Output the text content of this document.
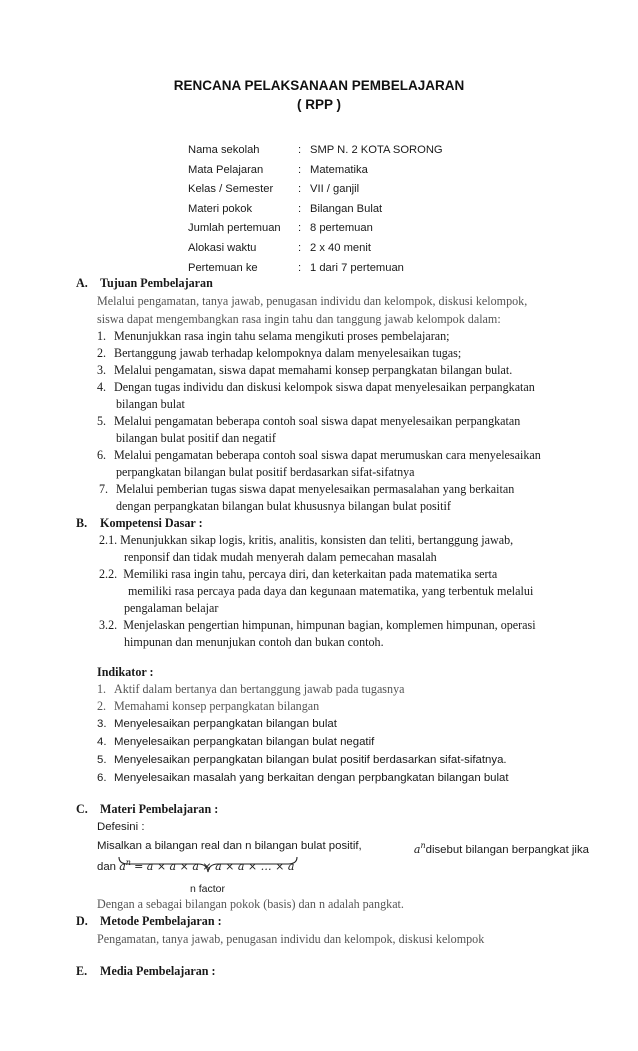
RENCANA PELAKSANAAN PEMBELAJARAN
( RPP )
Nama sekolah	: SMP N. 2 KOTA SORONG
Mata Pelajaran	: Matematika
Kelas / Semester : VII / ganjil
Materi pokok	: Bilangan Bulat
Jumlah pertemuan : 8 pertemuan
Alokasi waktu	: 2 x 40 menit
Pertemuan ke	: 1 dari 7 pertemuan
A. Tujuan Pembelajaran
Melalui pengamatan, tanya jawab, penugasan individu dan kelompok, diskusi kelompok,
siswa dapat mengembangkan rasa ingin tahu dan tanggung jawab kelompok dalam:
1. Menunjukkan rasa ingin tahu selama mengikuti proses pembelajaran;
2. Bertanggung jawab terhadap kelompoknya dalam menyelesaikan tugas;
3. Melalui pengamatan, siswa dapat memahami konsep perpangkatan bilangan bulat.
4. Dengan tugas individu dan diskusi kelompok siswa dapat menyelesaikan perpangkatan
bilangan bulat
5. Melalui pengamatan beberapa contoh soal siswa dapat menyelesaikan perpangkatan
bilangan bulat positif dan negatif
6. Melalui pengamatan beberapa contoh soal siswa dapat merumuskan cara menyelesaikan
perpangkatan bilangan bulat positif berdasarkan sifat-sifatnya
7. Melalui pemberian tugas siswa dapat menyelesaikan permasalahan yang berkaitan
dengan perpangkatan bilangan bulat khususnya bilangan bulat positif
B. Kompetensi Dasar :
2.1. Menunjukkan sikap logis, kritis, analitis, konsisten dan teliti, bertanggung jawab,
renponsif dan tidak mudah menyerah dalam pemecahan masalah
2.2. Memiliki rasa ingin tahu, percaya diri, dan keterkaitan pada matematika serta
memiliki rasa percaya pada daya dan kegunaan matematika, yang terbentuk melalui
pengalaman belajar
3.2. Menjelaskan pengertian himpunan, himpunan bagian, komplemen himpunan, operasi
himpunan dan menunjukan contoh dan bukan contoh.
Indikator :
1. Aktif dalam bertanya dan bertanggung jawab pada tugasnya
2. Memahami konsep perpangkatan bilangan
3. Menyelesaikan perpangkatan bilangan bulat
4. Menyelesaikan perpangkatan bilangan bulat negatif
5. Menyelesaikan perpangkatan bilangan bulat positif berdasarkan sifat-sifatnya.
6. Menyelesaikan masalah yang berkaitan dengan perpbangkatan bilangan bulat
C. Materi Pembelajaran :
Defesini :
Misalkan a bilangan real dan n bilangan bulat positif,	$a^ndisebut$ bilangan berpangkat jika
dan $a^n = a \times a \times a \times a \times a$ × … × a
n factor
Dengan a sebagai bilangan pokok (basis) dan n adalah pangkat.
D. Metode Pembelajaran :
Pengamatan, tanya jawab, penugasan individu dan kelompok, diskusi kelompok
E. Media Pembelajaran :
